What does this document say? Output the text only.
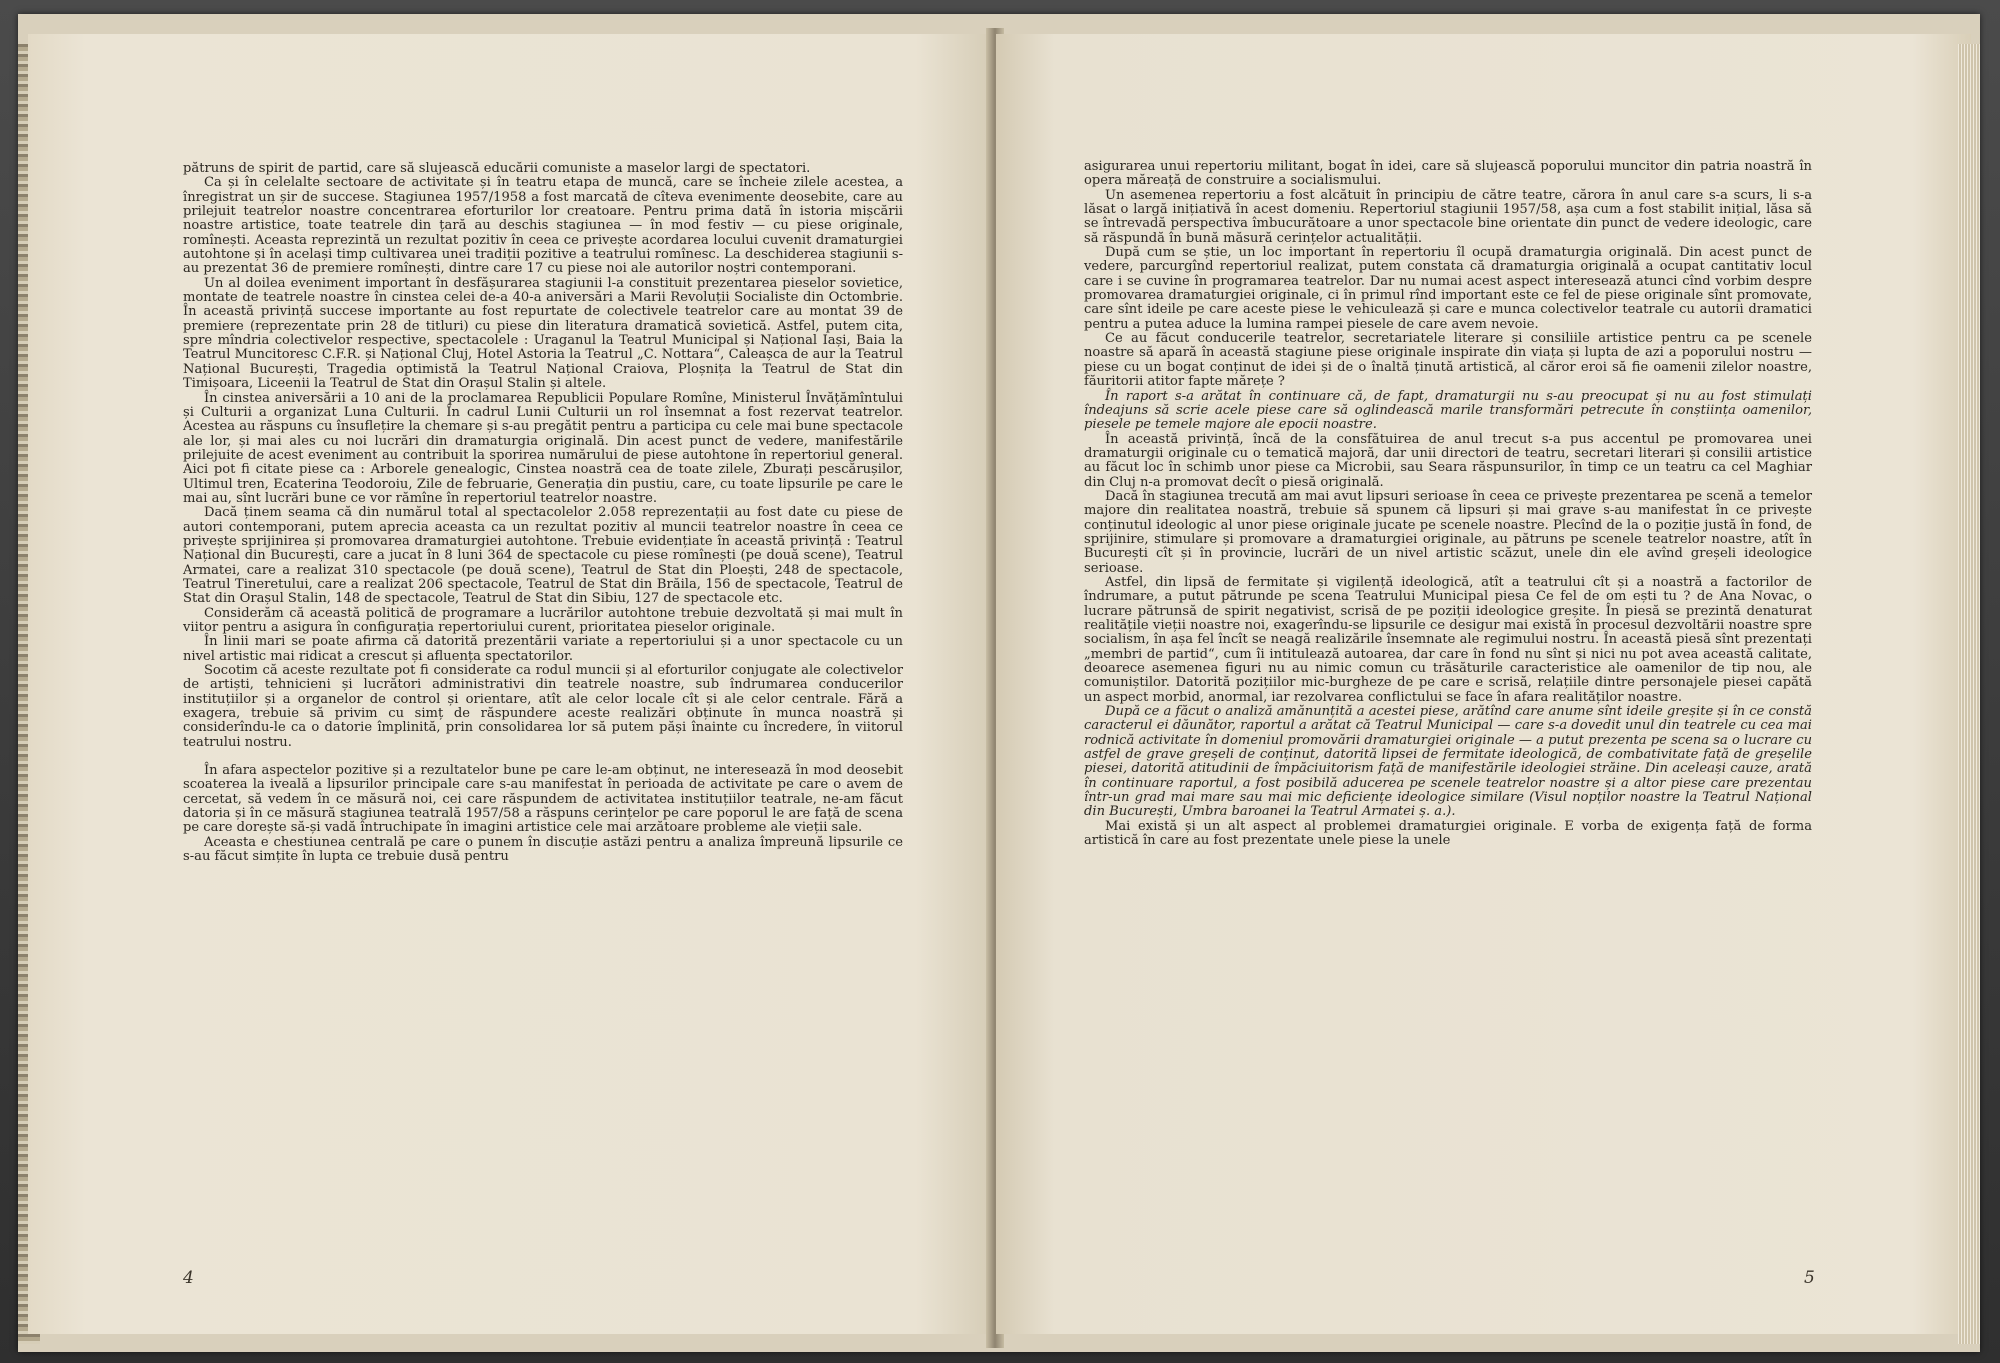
pătruns de spirit de partid, care să slujească educării comuniste a maselor largi de spectatori.

Ca și în celelalte sectoare de activitate și în teatru etapa de muncă, care se încheie zilele acestea, a înregistrat un șir de succese. Stagiunea 1957/1958 a fost marcată de cîteva evenimente deosebite, care au prilejuit teatrelor noastre concentrarea eforturilor lor creatoare. Pentru prima dată în istoria mișcării noastre artistice, toate teatrele din țară au deschis stagiunea — în mod festiv — cu piese originale, romînești. Aceasta reprezintă un rezultat pozitiv în ceea ce privește acordarea locului cuvenit dramaturgiei autohtone și în același timp cultivarea unei tradiții pozitive a teatrului romînesc. La deschiderea stagiunii s-au prezentat 36 de premiere romînești, dintre care 17 cu piese noi ale autorilor noștri contemporani.

Un al doilea eveniment important în desfășurarea stagiunii l-a constituit prezentarea pieselor sovietice, montate de teatrele noastre în cinstea celei de-a 40-a aniversări a Marii Revoluții Socialiste din Octombrie. În această privință succese importante au fost repurtate de colectivele teatrelor care au montat 39 de premiere (reprezentate prin 28 de titluri) cu piese din literatura dramatică sovietică. Astfel, putem cita, spre mîndria colectivelor respective, spectacolele : Uraganul la Teatrul Municipal și Național Iași, Baia la Teatrul Muncitoresc C.F.R. și Național Cluj, Hotel Astoria la Teatrul „C. Nottara“, Caleașca de aur la Teatrul Național București, Tragedia optimistă la Teatrul Național Craiova, Ploșnița la Teatrul de Stat din Timișoara, Liceenii la Teatrul de Stat din Orașul Stalin și altele.

În cinstea aniversării a 10 ani de la proclamarea Republicii Populare Romîne, Ministerul Învățămîntului și Culturii a organizat Luna Culturii. În cadrul Lunii Culturii un rol însemnat a fost rezervat teatrelor. Acestea au răspuns cu însuflețire la chemare și s-au pregătit pentru a participa cu cele mai bune spectacole ale lor, și mai ales cu noi lucrări din dramaturgia originală. Din acest punct de vedere, manifestările prilejuite de acest eveniment au contribuit la sporirea numărului de piese autohtone în repertoriul general. Aici pot fi citate piese ca : Arborele genealogic, Cinstea noastră cea de toate zilele, Zburați pescărușilor, Ultimul tren, Ecaterina Teodoroiu, Zile de februarie, Generația din pustiu, care, cu toate lipsurile pe care le mai au, sînt lucrări bune ce vor rămîne în repertoriul teatrelor noastre.

Dacă ținem seama că din numărul total al spectacolelor 2.058 reprezentații au fost date cu piese de autori contemporani, putem aprecia aceasta ca un rezultat pozitiv al muncii teatrelor noastre în ceea ce privește sprijinirea și promovarea dramaturgiei autohtone. Trebuie evidențiate în această privință : Teatrul Național din București, care a jucat în 8 luni 364 de spectacole cu piese romînești (pe două scene), Teatrul Armatei, care a realizat 310 spectacole (pe două scene), Teatrul de Stat din Ploești, 248 de spectacole, Teatrul Tineretului, care a realizat 206 spectacole, Teatrul de Stat din Brăila, 156 de spectacole, Teatrul de Stat din Orașul Stalin, 148 de spectacole, Teatrul de Stat din Sibiu, 127 de spectacole etc.

Considerăm că această politică de programare a lucrărilor autohtone trebuie dezvoltată și mai mult în viitor pentru a asigura în configurația repertoriului curent, prioritatea pieselor originale.

În linii mari se poate afirma că datorită prezentării variate a repertoriului și a unor spectacole cu un nivel artistic mai ridicat a crescut și afluența spectatorilor.

Socotim că aceste rezultate pot fi considerate ca rodul muncii și al eforturilor conjugate ale colectivelor de artiști, tehnicieni și lucrători administrativi din teatrele noastre, sub îndrumarea conducerilor instituțiilor și a organelor de control și orientare, atît ale celor locale cît și ale celor centrale. Fără a exagera, trebuie să privim cu simț de răspundere aceste realizări obținute în munca noastră și considerîndu-le ca o datorie împlinită, prin consolidarea lor să putem păși înainte cu încredere, în viitorul teatrului nostru.

În afara aspectelor pozitive și a rezultatelor bune pe care le-am obținut, ne interesează în mod deosebit scoaterea la iveală a lipsurilor principale care s-au manifestat în perioada de activitate pe care o avem de cercetat, să vedem în ce măsură noi, cei care răspundem de activitatea instituțiilor teatrale, ne-am făcut datoria și în ce măsură stagiunea teatrală 1957/58 a răspuns cerințelor pe care poporul le are față de scena pe care dorește să-și vadă întruchipate în imagini artistice cele mai arzătoare probleme ale vieții sale.

Aceasta e chestiunea centrală pe care o punem în discuție astăzi pentru a analiza împreună lipsurile ce s-au făcut simțite în lupta ce trebuie dusă pentru

4

asigurarea unui repertoriu militant, bogat în idei, care să slujească poporului muncitor din patria noastră în opera măreață de construire a socialismului.

Un asemenea repertoriu a fost alcătuit în principiu de către teatre, cărora în anul care s-a scurs, li s-a lăsat o largă inițiativă în acest domeniu. Repertoriul stagiunii 1957/58, așa cum a fost stabilit inițial, lăsa să se întrevadă perspectiva îmbucurătoare a unor spectacole bine orientate din punct de vedere ideologic, care să răspundă în bună măsură cerințelor actualității.

După cum se știe, un loc important în repertoriu îl ocupă dramaturgia originală. Din acest punct de vedere, parcurgînd repertoriul realizat, putem constata că dramaturgia originală a ocupat cantitativ locul care i se cuvine în programarea teatrelor. Dar nu numai acest aspect interesează atunci cînd vorbim despre promovarea dramaturgiei originale, ci în primul rînd important este ce fel de piese originale sînt promovate, care sînt ideile pe care aceste piese le vehiculează și care e munca colectivelor teatrale cu autorii dramatici pentru a putea aduce la lumina rampei piesele de care avem nevoie.

Ce au făcut conducerile teatrelor, secretariatele literare și consiliile artistice pentru ca pe scenele noastre să apară în această stagiune piese originale inspirate din viața și lupta de azi a poporului nostru — piese cu un bogat conținut de idei și de o înaltă ținută artistică, al căror eroi să fie oamenii zilelor noastre, făuritorii atitor fapte mărețe ?

În raport s-a arătat în continuare că, de fapt, dramaturgii nu s-au preocupat și nu au fost stimulați îndeajuns să scrie acele piese care să oglindească marile transformări petrecute în conștiința oamenilor, piesele pe temele majore ale epocii noastre.

În această privință, încă de la consfătuirea de anul trecut s-a pus accentul pe promovarea unei dramaturgii originale cu o tematică majoră, dar unii directori de teatru, secretari literari și consilii artistice au făcut loc în schimb unor piese ca Microbii, sau Seara răspunsurilor, în timp ce un teatru ca cel Maghiar din Cluj n-a promovat decît o piesă originală.

Dacă în stagiunea trecută am mai avut lipsuri serioase în ceea ce privește prezentarea pe scenă a temelor majore din realitatea noastră, trebuie să spunem că lipsuri și mai grave s-au manifestat în ce privește conținutul ideologic al unor piese originale jucate pe scenele noastre. Plecînd de la o poziție justă în fond, de sprijinire, stimulare și promovare a dramaturgiei originale, au pătruns pe scenele teatrelor noastre, atît în București cît și în provincie, lucrări de un nivel artistic scăzut, unele din ele avînd greșeli ideologice serioase.

Astfel, din lipsă de fermitate și vigilență ideologică, atît a teatrului cît și a noastră a factorilor de îndrumare, a putut pătrunde pe scena Teatrului Municipal piesa Ce fel de om ești tu ? de Ana Novac, o lucrare pătrunsă de spirit negativist, scrisă de pe poziții ideologice greșite. În piesă se prezintă denaturat realitățile vieții noastre noi, exagerîndu-se lipsurile ce desigur mai există în procesul dezvoltării noastre spre socialism, în așa fel încît se neagă realizările însemnate ale regimului nostru. În această piesă sînt prezentați „membri de partid“, cum îi intitulează autoarea, dar care în fond nu sînt și nici nu pot avea această calitate, deoarece asemenea figuri nu au nimic comun cu trăsăturile caracteristice ale oamenilor de tip nou, ale comuniștilor. Datorită pozițiilor mic-burgheze de pe care e scrisă, relațiile dintre personajele piesei capătă un aspect morbid, anormal, iar rezolvarea conflictului se face în afara realităților noastre.

După ce a făcut o analiză amănunțită a acestei piese, arătînd care anume sînt ideile greșite și în ce constă caracterul ei dăunător, raportul a arătat că Teatrul Municipal — care s-a dovedit unul din teatrele cu cea mai rodnică activitate în domeniul promovării dramaturgiei originale — a putut prezenta pe scena sa o lucrare cu astfel de grave greșeli de conținut, datorită lipsei de fermitate ideologică, de combativitate față de greșelile piesei, datorită atitudinii de împăciuitorism față de manifestările ideologiei străine. Din aceleași cauze, arată în continuare raportul, a fost posibilă aducerea pe scenele teatrelor noastre și a altor piese care prezentau într-un grad mai mare sau mai mic deficiențe ideologice similare (Visul nopților noastre la Teatrul Național din București, Umbra baroanei la Teatrul Armatei ș. a.).

Mai există și un alt aspect al problemei dramaturgiei originale. E vorba de exigența față de forma artistică în care au fost prezentate unele piese la unele

5
